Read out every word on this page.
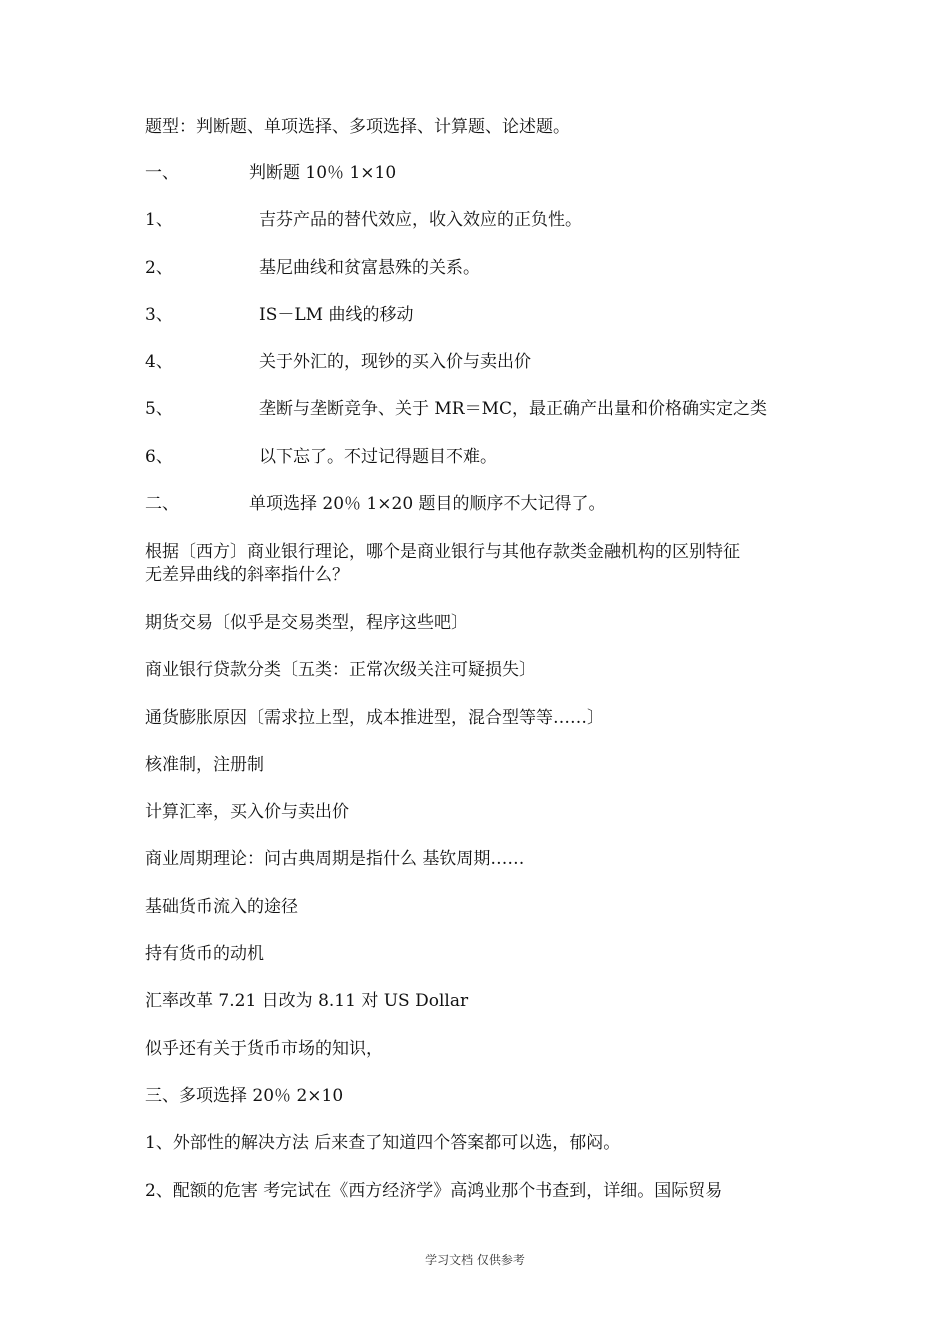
题型：判断题、单项选择、多项选择、计算题、论述题。
一、	判断题 10％ 1×10
1、	吉芬产品的替代效应，收入效应的正负性。
2、	基尼曲线和贫富悬殊的关系。
3、	IS－LM 曲线的移动
4、	关于外汇的，现钞的买入价与卖出价
5、	垄断与垄断竞争、关于 MR＝MC，最正确产出量和价格确实定之类
6、	以下忘了。不过记得题目不难。
二、	单项选择 20％ 1×20 题目的顺序不大记得了。
根据〔西方〕商业银行理论，哪个是商业银行与其他存款类金融机构的区别特征
无差异曲线的斜率指什么？
期货交易〔似乎是交易类型，程序这些吧〕
商业银行贷款分类〔五类：正常次级关注可疑损失〕
通货膨胀原因〔需求拉上型，成本推进型，混合型等等……〕
核准制，注册制
计算汇率，买入价与卖出价
商业周期理论：问古典周期是指什么 基钦周期……
基础货币流入的途径
持有货币的动机
汇率改革 7.21 日改为 8.11 对 US Dollar
似乎还有关于货币市场的知识，
三、多项选择 20％ 2×10
1、外部性的解决方法 后来查了知道四个答案都可以选，郁闷。
2、配额的危害 考完试在《西方经济学》高鸿业那个书查到，详细。国际贸易
学习文档 仅供参考
